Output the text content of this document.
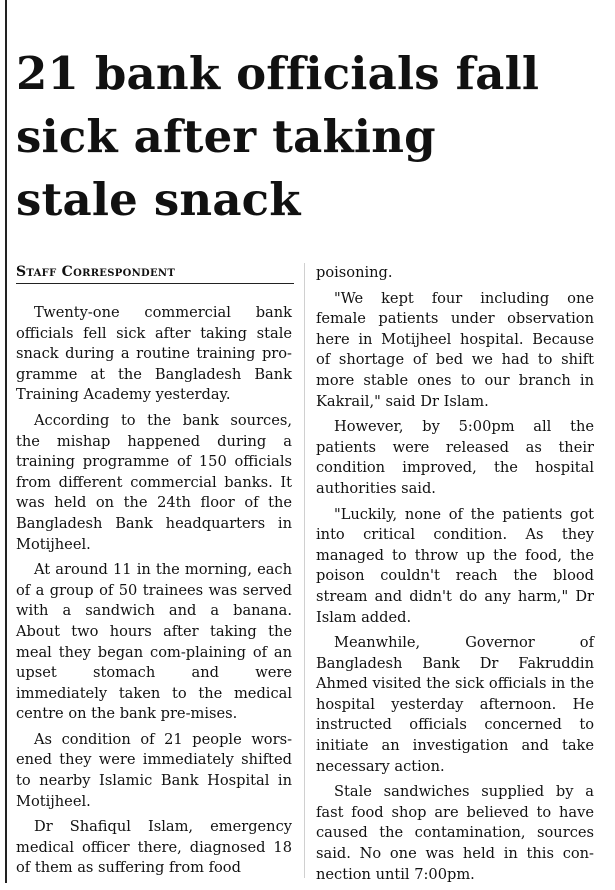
21 bank officials fall
sick after taking
stale snack
Staff Correspondent

Twenty-one commercial bank officials fell sick after taking stale snack during a routine training pro-gramme at the Bangladesh Bank Training Academy yesterday.

According to the bank sources, the mishap happened during a training programme of 150 officials from different commercial banks. It was held on the 24th floor of the Bangladesh Bank headquarters in Motijheel.

At around 11 in the morning, each of a group of 50 trainees was served with a sandwich and a banana. About two hours after taking the meal they began com-plaining of an upset stomach and were immediately taken to the medical centre on the bank pre-mises.

As condition of 21 people wors-ened they were immediately shifted to nearby Islamic Bank Hospital in Motijheel.

Dr Shafiqul Islam, emergency medical officer there, diagnosed 18 of them as suffering from food

poisoning.

"We kept four including one female patients under observation here in Motijheel hospital. Because of shortage of bed we had to shift more stable ones to our branch in Kakrail," said Dr Islam.

However, by 5:00pm all the patients were released as their condition improved, the hospital authorities said.

"Luckily, none of the patients got into critical condition. As they managed to throw up the food, the poison couldn't reach the blood stream and didn't do any harm," Dr Islam added.

Meanwhile, Governor of Bangladesh Bank Dr Fakruddin Ahmed visited the sick officials in the hospital yesterday afternoon. He instructed officials concerned to initiate an investigation and take necessary action.

Stale sandwiches supplied by a fast food shop are believed to have caused the contamination, sources said. No one was held in this con-nection until 7:00pm.
